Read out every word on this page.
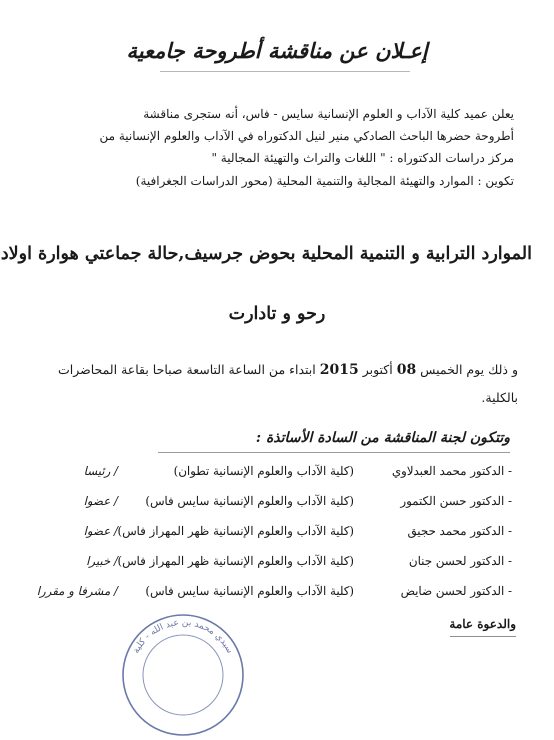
إعـلان عن مناقشة أطروحة جامعية
يعلن عميد كلية الآداب و العلوم الإنسانية سايس - فاس، أنه ستجرى مناقشة
أطروحة حضرها الباحث الصادكي منير لنيل الدكتوراه في الآداب والعلوم الإنسانية من
مركز دراسات الدكتوراه : " اللغات والتراث والتهيئة المجالية "
تكوين : الموارد والتهيئة المجالية والتنمية المحلية (محور الدراسات الجغرافية)
الموارد الترابية و التنمية المحلية بحوض جرسيف,حالة جماعتي هوارة اولاد
رحو و تادارت
و ذلك يوم الخميس 08 أكتوبر 2015 ابتداء من الساعة التاسعة صباحا بقاعة المحاضرات
بالكلية.
وتتكون لجنة المناقشة من السادة الأساتذة :
- الدكتور محمد العبدلاوي
(كلية الآداب والعلوم الإنسانية تطوان)
/ رئيسا
- الدكتور حسن الكتمور
(كلية الآداب والعلوم الإنسانية سايس فاس)
/ عضوا
- الدكتور محمد حجيق
(كلية الآداب والعلوم الإنسانية ظهر المهراز فاس)
/ عضوا
- الدكتور لحسن جنان
(كلية الآداب والعلوم الإنسانية ظهر المهراز فاس)
/ خبيرا
- الدكتور لحسن ضايض
(كلية الآداب والعلوم الإنسانية سايس فاس)
/ مشرفا و مقررا
والدعوة عامة
سيدي محمد بن عبد الله - كلية
